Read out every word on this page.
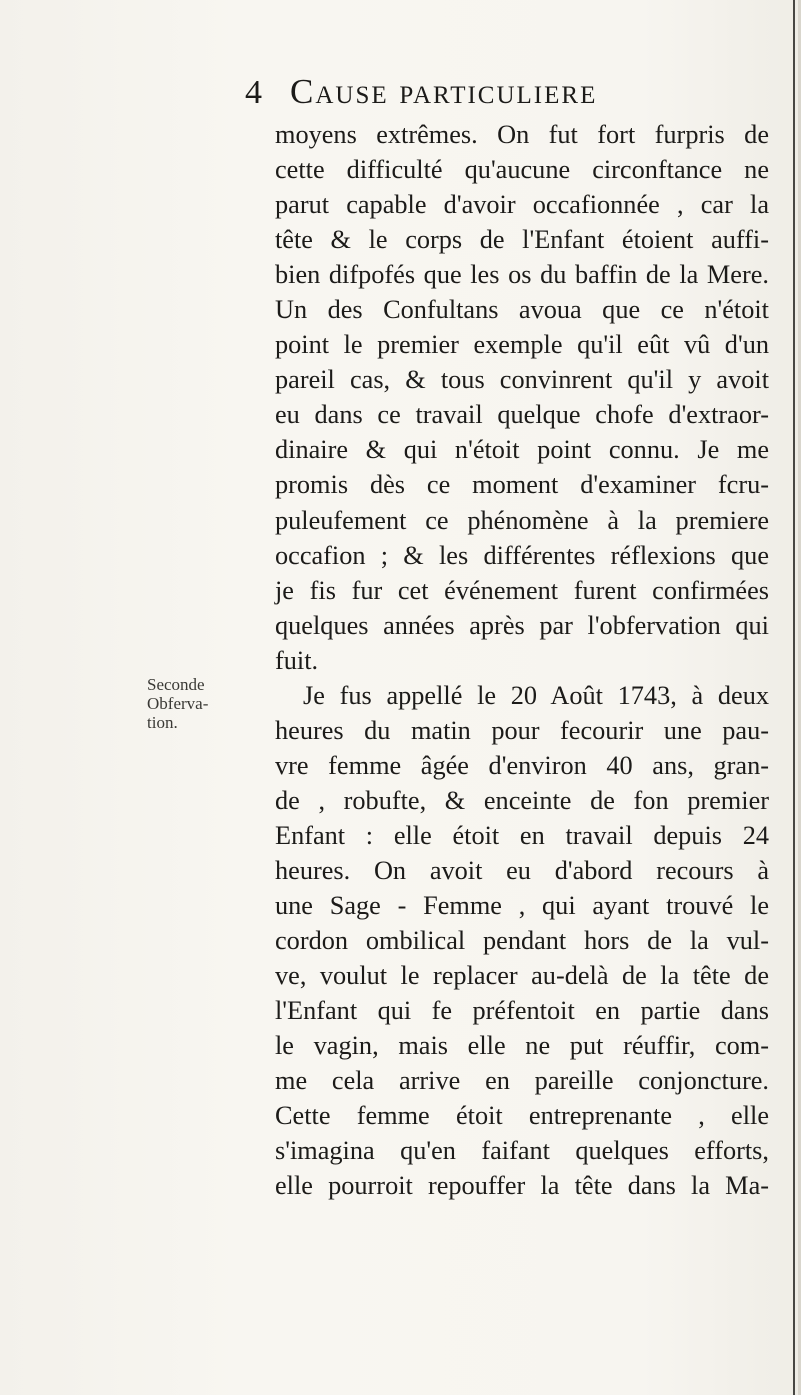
4 Cause particuliere
Seconde
Obferva-
tion.
moyens extrêmes. On fut fort furpris de
cette difficulté qu'aucune circonftance ne
parut capable d'avoir occafionnée , car la
tête & le corps de l'Enfant étoient auffi-
bien difpofés que les os du baffin de la Mere.
Un des Confultans avoua que ce n'étoit
point le premier exemple qu'il eût vû d'un
pareil cas, & tous convinrent qu'il y avoit
eu dans ce travail quelque chofe d'extraor-
dinaire & qui n'étoit point connu. Je me
promis dès ce moment d'examiner fcru-
puleufement ce phénomène à la premiere
occafion ; & les différentes réflexions que
je fis fur cet événement furent confirmées
quelques années après par l'obfervation qui
fuit.
Je fus appellé le 20 Août 1743, à deux
heures du matin pour fecourir une pau-
vre femme âgée d'environ 40 ans, gran-
de , robufte, & enceinte de fon premier
Enfant : elle étoit en travail depuis 24
heures. On avoit eu d'abord recours à
une Sage - Femme , qui ayant trouvé le
cordon ombilical pendant hors de la vul-
ve, voulut le replacer au-delà de la tête de
l'Enfant qui fe préfentoit en partie dans
le vagin, mais elle ne put réuffir, com-
me cela arrive en pareille conjoncture.
Cette femme étoit entreprenante , elle
s'imagina qu'en faifant quelques efforts,
elle pourroit repouffer la tête dans la Ma-
